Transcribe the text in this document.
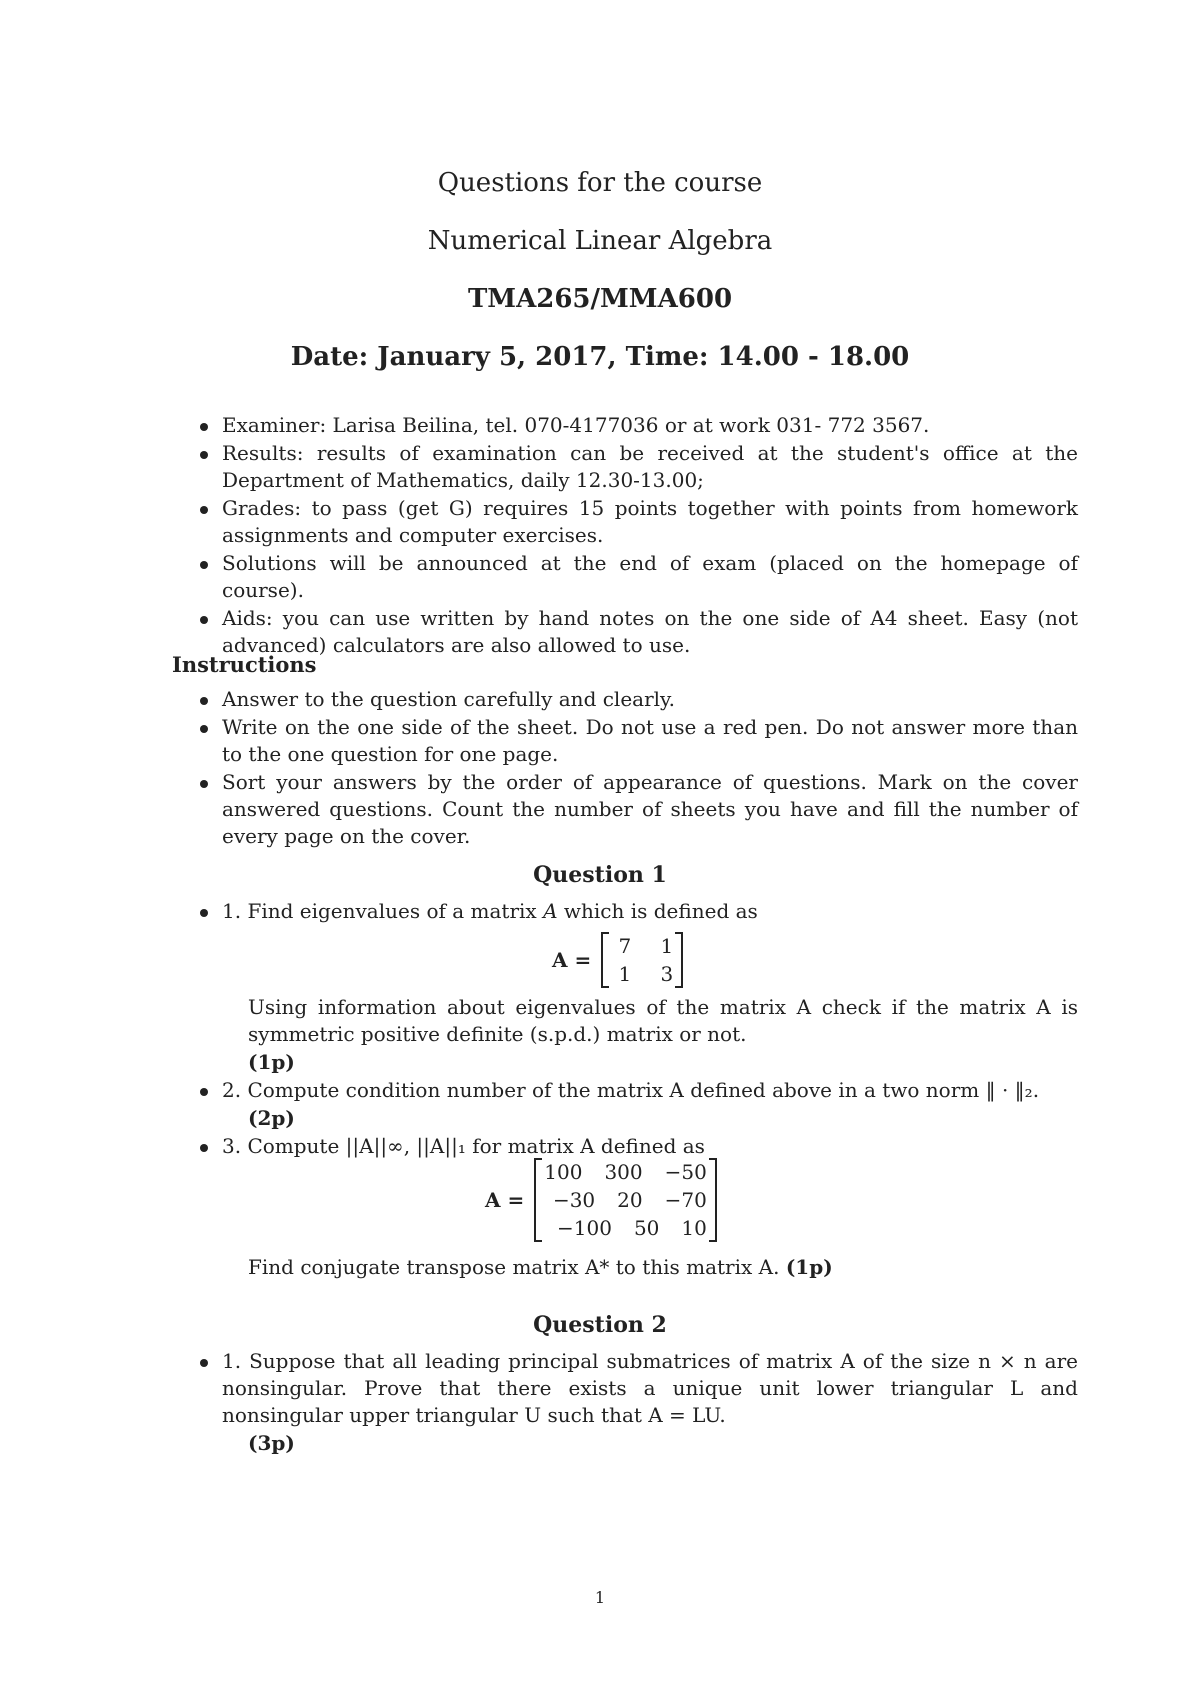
Questions for the course
Numerical Linear Algebra
TMA265/MMA600
Date: January 5, 2017, Time: 14.00 - 18.00
Examiner: Larisa Beilina, tel. 070-4177036 or at work 031- 772 3567.
Results: results of examination can be received at the student's office at the Department of Mathematics, daily 12.30-13.00;
Grades: to pass (get G) requires 15 points together with points from homework assignments and computer exercises.
Solutions will be announced at the end of exam (placed on the homepage of course).
Aids: you can use written by hand notes on the one side of A4 sheet. Easy (not advanced) calculators are also allowed to use.
Instructions
Answer to the question carefully and clearly.
Write on the one side of the sheet. Do not use a red pen. Do not answer more than to the one question for one page.
Sort your answers by the order of appearance of questions. Mark on the cover answered questions. Count the number of sheets you have and fill the number of every page on the cover.
Question 1
1. Find eigenvalues of a matrix A which is defined as
A =
7	1
1	3
Using information about eigenvalues of the matrix A check if the matrix A is symmetric positive definite (s.p.d.) matrix or not.
(1p)
2. Compute condition number of the matrix A defined above in a two norm ‖ · ‖₂.
(2p)
3. Compute ||A||∞, ||A||₁ for matrix A defined as
A =
100 300 −50
−30 20 −70
−100 50 10
Find conjugate transpose matrix A* to this matrix A. (1p)
Question 2
1. Suppose that all leading principal submatrices of matrix A of the size n × n are nonsingular. Prove that there exists a unique unit lower triangular L and nonsingular upper triangular U such that A = LU.
(3p)
1
